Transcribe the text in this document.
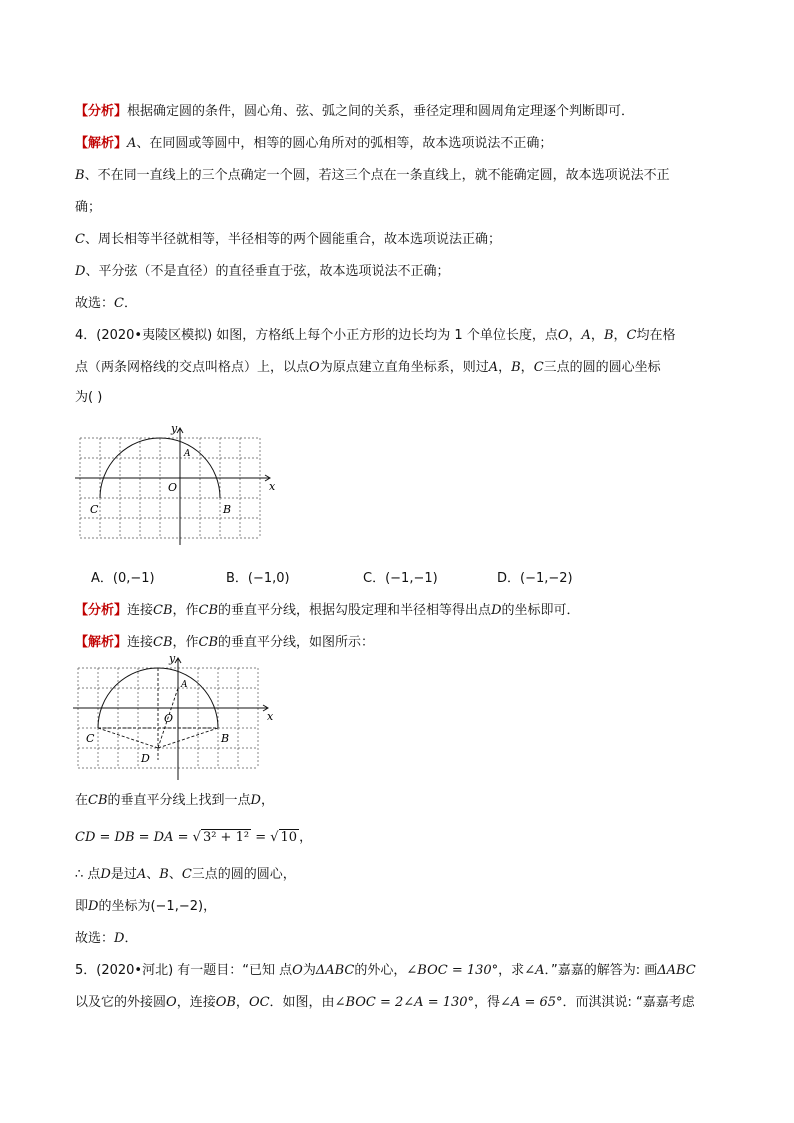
【分析】根据确定圆的条件，圆心角、弦、弧之间的关系，垂径定理和圆周角定理逐个判断即可．
【解析】A、在同圆或等圆中，相等的圆心角所对的弧相等，故本选项说法不正确；
B、不在同一直线上的三个点确定一个圆，若这三个点在一条直线上，就不能确定圆，故本选项说法不正
确；
C、周长相等半径就相等，半径相等的两个圆能重合，故本选项说法正确；
D、平分弦（不是直径）的直径垂直于弦，故本选项说法不正确；
故选：C．
4．(2020•夷陵区模拟) 如图，方格纸上每个小正方形的边长均为 1 个单位长度，点O，A，B，C均在格
点（两条网格线的交点叫格点）上，以点O为原点建立直角坐标系，则过A，B，C三点的圆的圆心坐标
为( )
y
x
A
O
C	B
A．(0,−1)	B．(−1,0)	C．(−1,−1)	D．(−1,−2)
【分析】连接CB，作CB的垂直平分线，根据勾股定理和半径相等得出点D的坐标即可．
【解析】连接CB，作CB的垂直平分线，如图所示：
y
x
A
O
C	B
D
在CB的垂直平分线上找到一点D，
CD = DB = DA = √ 3² + 1² = √ 10 ，
∴ 点D是过A、B、C三点的圆的圆心，
即D的坐标为(−1,−2)，
故选：D．
5．(2020•河北) 有一题目：“已知 点O为ΔABC的外心，∠BOC = 130°，求∠A．”嘉嘉的解答为: 画ΔABC
以及它的外接圆O，连接OB，OC．如图，由∠BOC = 2∠A = 130°，得∠A = 65°．而淇淇说: “嘉嘉考虑
